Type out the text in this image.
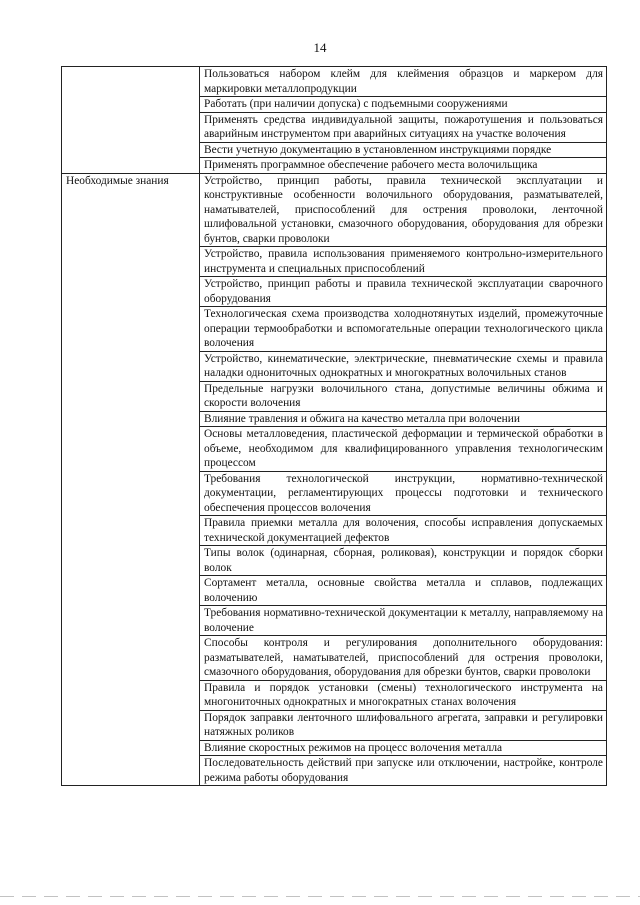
14
	Пользоваться набором клейм для клеймения образцов и маркером для маркировки металлопродукции
	Работать (при наличии допуска) с подъемными сооружениями
	Применять средства индивидуальной защиты, пожаротушения и пользоваться аварийным инструментом при аварийных ситуациях на участке волочения
	Вести учетную документацию в установленном инструкциями порядке
	Применять программное обеспечение рабочего места волочильщика
Необходимые знания	Устройство, принцип работы, правила технической эксплуатации и конструктивные особенности волочильного оборудования, разматывателей, наматывателей, приспособлений для острения проволоки, ленточной шлифовальной установки, смазочного оборудования, оборудования для обрезки бунтов, сварки проволоки
	Устройство, правила использования применяемого контрольно-измерительного инструмента и специальных приспособлений
	Устройство, принцип работы и правила технической эксплуатации сварочного оборудования
	Технологическая схема производства холоднотянутых изделий, промежуточные операции термообработки и вспомогательные операции технологического цикла волочения
	Устройство, кинематические, электрические, пневматические схемы и правила наладки однониточных однократных и многократных волочильных станов
	Предельные нагрузки волочильного стана, допустимые величины обжима и скорости волочения
	Влияние травления и обжига на качество металла при волочении
	Основы металловедения, пластической деформации и термической обработки в объеме, необходимом для квалифицированного управления технологическим процессом
	Требования технологической инструкции, нормативно-технической документации, регламентирующих процессы подготовки и технического обеспечения процессов волочения
	Правила приемки металла для волочения, способы исправления допускаемых технической документацией дефектов
	Типы волок (одинарная, сборная, роликовая), конструкции и порядок сборки волок
	Сортамент металла, основные свойства металла и сплавов, подлежащих волочению
	Требования нормативно-технической документации к металлу, направляемому на волочение
	Способы контроля и регулирования дополнительного оборудования: разматывателей, наматывателей, приспособлений для острения проволоки, смазочного оборудования, оборудования для обрезки бунтов, сварки проволоки
	Правила и порядок установки (смены) технологического инструмента на многониточных однократных и многократных станах волочения
	Порядок заправки ленточного шлифовального агрегата, заправки и регулировки натяжных роликов
	Влияние скоростных режимов на процесс волочения металла
	Последовательность действий при запуске или отключении, настройке, контроле режима работы оборудования
